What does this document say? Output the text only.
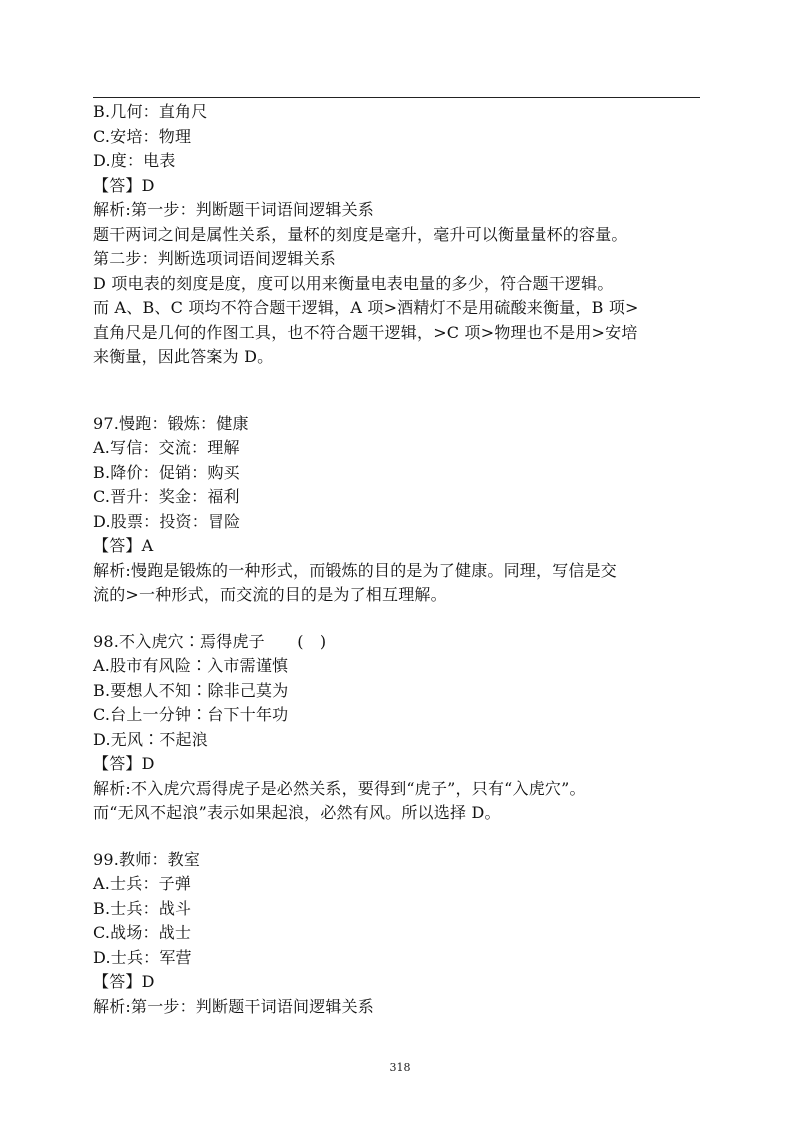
B.几何：直角尺
C.安培：物理
D.度：电表
【答】D
解析:第一步：判断题干词语间逻辑关系
题干两词之间是属性关系，量杯的刻度是毫升，毫升可以衡量量杯的容量。
第二步：判断选项词语间逻辑关系
D 项电表的刻度是度，度可以用来衡量电表电量的多少，符合题干逻辑。
而 A、B、C 项均不符合题干逻辑，A 项>酒精灯不是用硫酸来衡量，B 项>
直角尺是几何的作图工具，也不符合题干逻辑，>C 项>物理也不是用>安培
来衡量，因此答案为 D。
97.慢跑：锻炼：健康
A.写信：交流：理解
B.降价：促销：购买
C.晋升：奖金：福利
D.股票：投资：冒险
【答】A
解析:慢跑是锻炼的一种形式，而锻炼的目的是为了健康。同理，写信是交
流的>一种形式，而交流的目的是为了相互理解。
98.不入虎穴∶焉得虎子　　(　)
A.股市有风险∶入市需谨慎
B.要想人不知∶除非己莫为
C.台上一分钟∶台下十年功
D.无风∶不起浪
【答】D
解析:不入虎穴焉得虎子是必然关系，要得到“虎子”，只有“入虎穴”。
而“无风不起浪”表示如果起浪，必然有风。所以选择 D。
99.教师：教室
A.士兵：子弹
B.士兵：战斗
C.战场：战士
D.士兵：军营
【答】D
解析:第一步：判断题干词语间逻辑关系
318
